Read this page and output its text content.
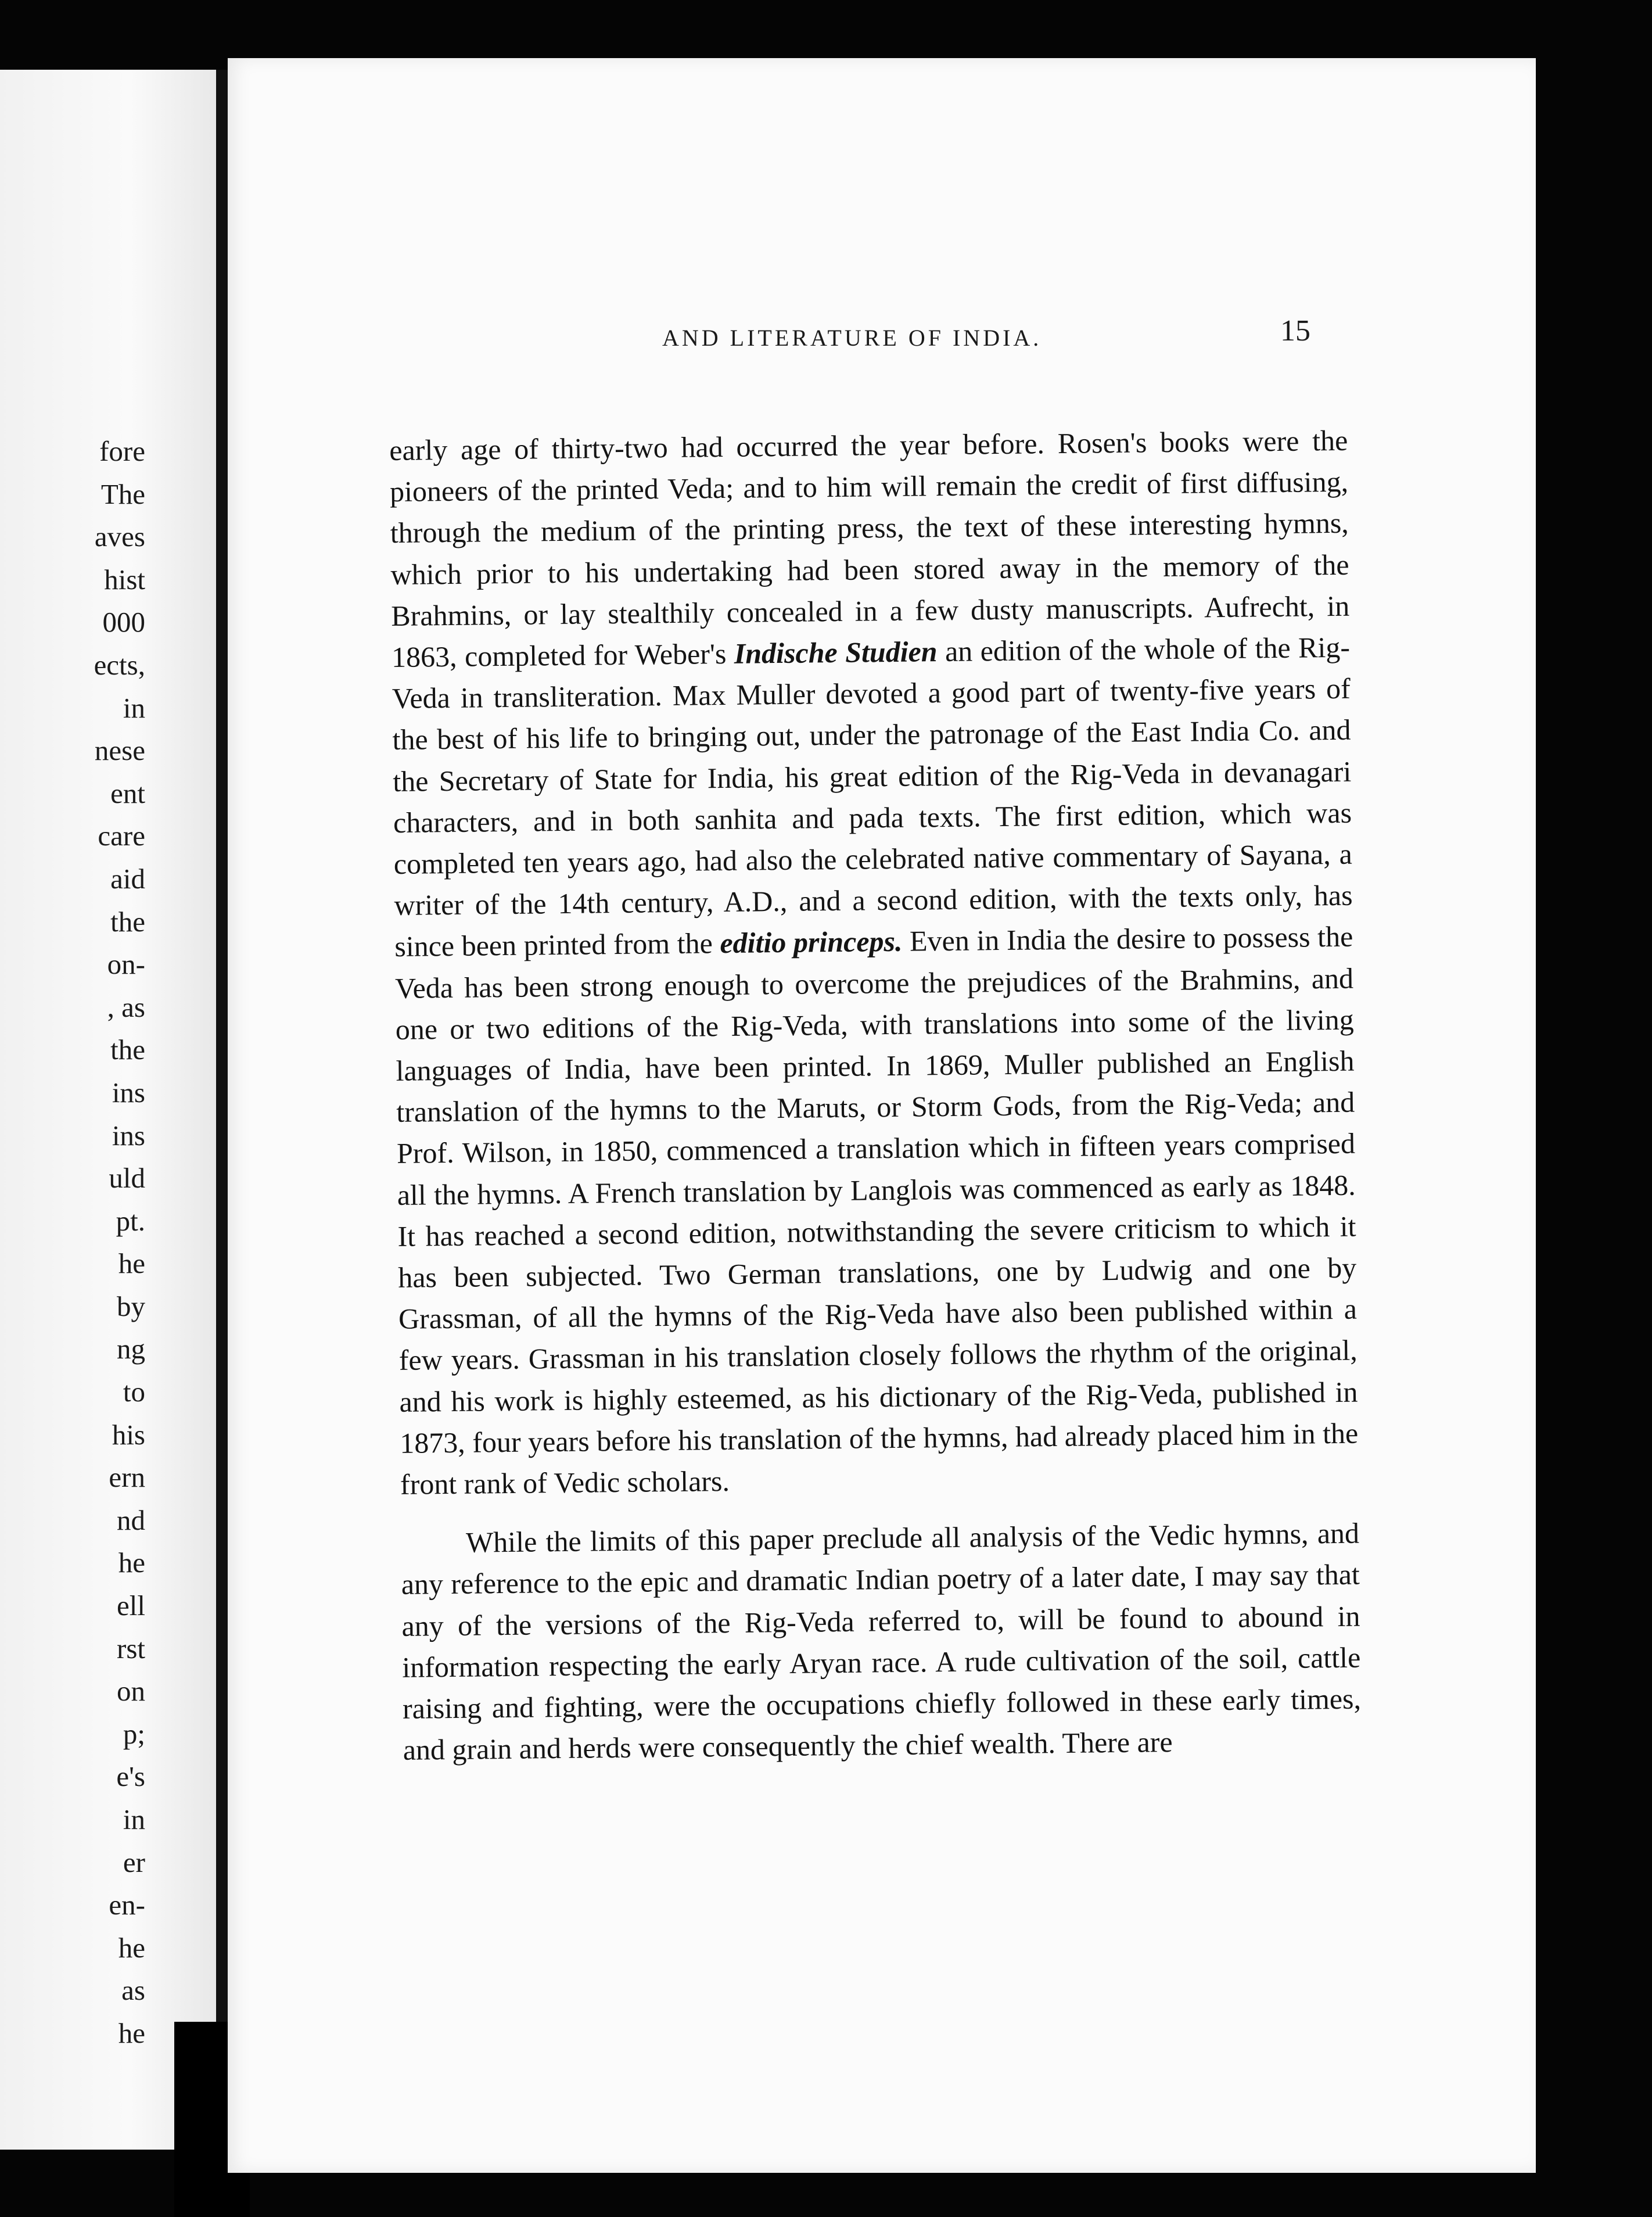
fore
The
aves
hist
000
ects,
in
nese
ent
care
aid
the
on-
, as
the
ins
ins
uld
pt.
he
by
ng
to
his
ern
nd
he
ell
rst
on
p;
e's
in
er
en-
he
as
he
AND LITERATURE OF INDIA.	15

early age of thirty-two had occurred the year before. Rosen's books were the pioneers of the printed Veda; and to him will remain the credit of first diffusing, through the medium of the printing press, the text of these interesting hymns, which prior to his undertaking had been stored away in the memory of the Brahmins, or lay stealthily concealed in a few dusty manuscripts. Aufrecht, in 1863, completed for Weber's Indische Studien an edition of the whole of the Rig-Veda in transliteration. Max Muller devoted a good part of twenty-five years of the best of his life to bringing out, under the patronage of the East India Co. and the Secretary of State for India, his great edition of the Rig-Veda in devanagari characters, and in both sanhita and pada texts. The first edition, which was completed ten years ago, had also the celebrated native commentary of Sayana, a writer of the 14th century, A.D., and a second edition, with the texts only, has since been printed from the editio princeps. Even in India the desire to possess the Veda has been strong enough to overcome the prejudices of the Brahmins, and one or two editions of the Rig-Veda, with translations into some of the living languages of India, have been printed. In 1869, Muller published an English translation of the hymns to the Maruts, or Storm Gods, from the Rig-Veda; and Prof. Wilson, in 1850, commenced a translation which in fifteen years comprised all the hymns. A French translation by Langlois was commenced as early as 1848. It has reached a second edition, notwithstanding the severe criticism to which it has been subjected. Two German translations, one by Ludwig and one by Grassman, of all the hymns of the Rig-Veda have also been published within a few years. Grassman in his translation closely follows the rhythm of the original, and his work is highly esteemed, as his dictionary of the Rig-Veda, published in 1873, four years before his translation of the hymns, had already placed him in the front rank of Vedic scholars.

While the limits of this paper preclude all analysis of the Vedic hymns, and any reference to the epic and dramatic Indian poetry of a later date, I may say that any of the versions of the Rig-Veda referred to, will be found to abound in information respecting the early Aryan race. A rude cultivation of the soil, cattle raising and fighting, were the occupations chiefly followed in these early times, and grain and herds were consequently the chief wealth. There are
